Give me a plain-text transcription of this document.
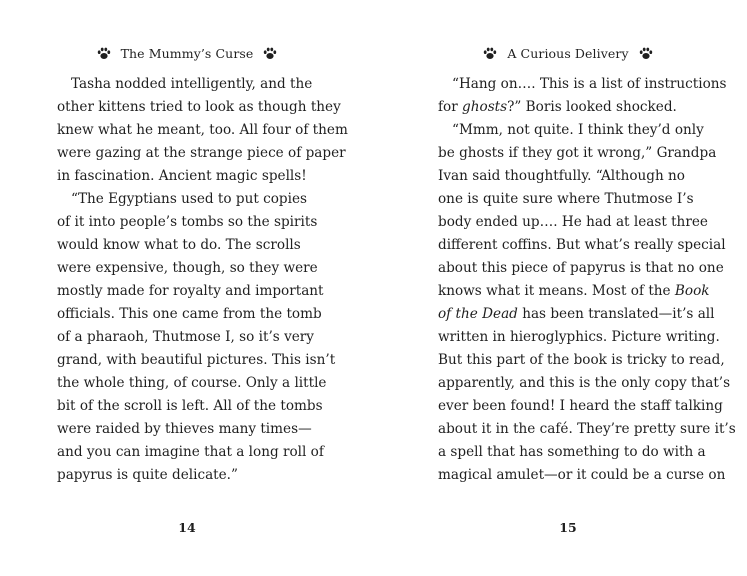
The Mummy’s Curse
Tasha nodded intelligently, and the
other kittens tried to look as though they
knew what he meant, too. All four of them
were gazing at the strange piece of paper
in fascination. Ancient magic spells!
“The Egyptians used to put copies
of it into people’s tombs so the spirits
would know what to do. The scrolls
were expensive, though, so they were
mostly made for royalty and important
officials. This one came from the tomb
of a pharaoh, Thutmose I, so it’s very
grand, with beautiful pictures. This isn’t
the whole thing, of course. Only a little
bit of the scroll is left. All of the tombs
were raided by thieves many times—
and you can imagine that a long roll of
papyrus is quite delicate.”
14
A Curious Delivery
“Hang on…. This is a list of instructions
for ghosts?” Boris looked shocked.
“Mmm, not quite. I think they’d only
be ghosts if they got it wrong,” Grandpa
Ivan said thoughtfully. “Although no
one is quite sure where Thutmose I’s
body ended up…. He had at least three
different coffins. But what’s really special
about this piece of papyrus is that no one
knows what it means. Most of the Book
of the Dead has been translated—it’s all
written in hieroglyphics. Picture writing.
But this part of the book is tricky to read,
apparently, and this is the only copy that’s
ever been found! I heard the staff talking
about it in the café. They’re pretty sure it’s
a spell that has something to do with a
magical amulet—or it could be a curse on
15
